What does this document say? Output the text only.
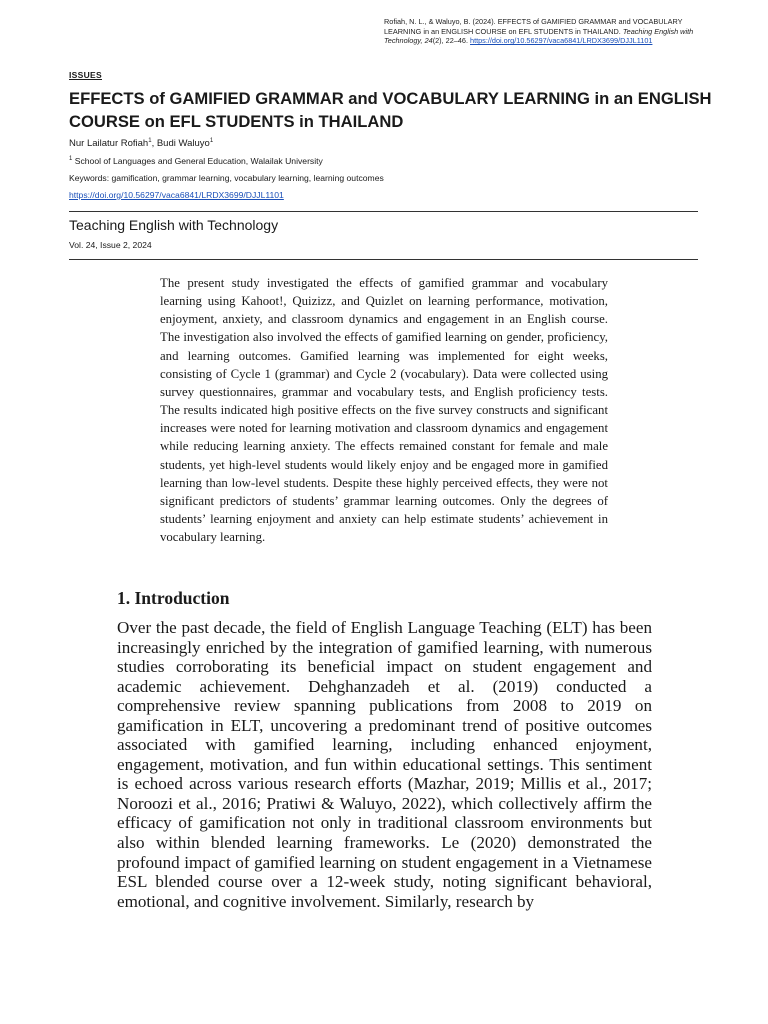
Rofiah, N. L., & Waluyo, B. (2024). EFFECTS of GAMIFIED GRAMMAR and VOCABULARY LEARNING in an ENGLISH COURSE on EFL STUDENTS in THAILAND. Teaching English with Technology, 24(2), 22–46. https://doi.org/10.56297/vaca6841/LRDX3699/DJJL1101
ISSUES
EFFECTS of GAMIFIED GRAMMAR and VOCABULARY LEARNING in an ENGLISH COURSE on EFL STUDENTS in THAILAND
Nur Lailatur Rofiah$^1$, Budi Waluyo$^1$
$^1$ School of Languages and General Education, Walailak University
Keywords: gamification, grammar learning, vocabulary learning, learning outcomes
https://doi.org/10.56297/vaca6841/LRDX3699/DJJL1101
Teaching English with Technology
Vol. 24, Issue 2, 2024

The present study investigated the effects of gamified grammar and vocabulary learning using Kahoot!, Quizizz, and Quizlet on learning performance, motivation, enjoyment, anxiety, and classroom dynamics and engagement in an English course. The investigation also involved the effects of gamified learning on gender, proficiency, and learning outcomes. Gamified learning was implemented for eight weeks, consisting of Cycle 1 (grammar) and Cycle 2 (vocabulary). Data were collected using survey questionnaires, grammar and vocabulary tests, and English proficiency tests. The results indicated high positive effects on the five survey constructs and significant increases were noted for learning motivation and classroom dynamics and engagement while reducing learning anxiety. The effects remained constant for female and male students, yet high-level students would likely enjoy and be engaged more in gamified learning than low-level students. Despite these highly perceived effects, they were not significant predictors of students’ grammar learning outcomes. Only the degrees of students’ learning enjoyment and anxiety can help estimate students’ achievement in vocabulary learning.

1. Introduction

Over the past decade, the field of English Language Teaching (ELT) has been increasingly enriched by the integration of gamified learning, with numerous studies corroborating its beneficial impact on student engagement and academic achievement. Dehghanzadeh et al. (2019) conducted a comprehensive review spanning publications from 2008 to 2019 on gamification in ELT, uncovering a predominant trend of positive outcomes associated with gamified learning, including enhanced enjoyment, engagement, motivation, and fun within educational settings. This sentiment is echoed across various research efforts (Mazhar, 2019; Millis et al., 2017; Noroozi et al., 2016; Pratiwi & Waluyo, 2022), which collectively affirm the efficacy of gamification not only in traditional classroom environments but also within blended learning frameworks. Le (2020) demonstrated the profound impact of gamified learning on student engagement in a Vietnamese ESL blended course over a 12-week study, noting significant behavioral, emotional, and cognitive involvement. Similarly, research by
